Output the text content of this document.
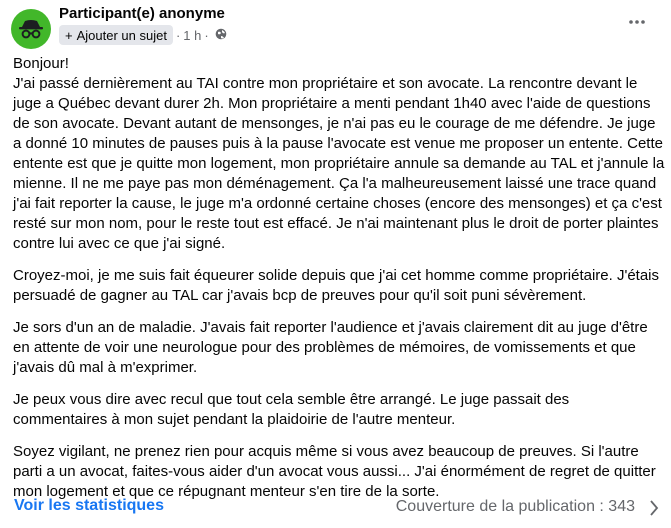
Participant(e) anonyme
+ Ajouter un sujet · 1 h ·

Bonjour!
J'ai passé dernièrement au TAI contre mon propriétaire et son avocate. La rencontre devant le juge a Québec devant durer 2h. Mon propriétaire a menti pendant 1h40 avec l'aide de questions de son avocate. Devant autant de mensonges, je n'ai pas eu le courage de me défendre. Je juge a donné 10 minutes de pauses puis à la pause l'avocate est venue me proposer un entente. Cette entente est que je quitte mon logement, mon propriétaire annule sa demande au TAL et j'annule la mienne. Il ne me paye pas mon déménagement. Ça l'a malheureusement laissé une trace quand j'ai fait reporter la cause, le juge m'a ordonné certaine choses (encore des mensonges) et ça c'est resté sur mon nom, pour le reste tout est effacé. Je n'ai maintenant plus le droit de porter plaintes contre lui avec ce que j'ai signé.

Croyez-moi, je me suis fait équeurer solide depuis que j'ai cet homme comme propriétaire. J'étais persuadé de gagner au TAL car j'avais bcp de preuves pour qu'il soit puni sévèrement.

Je sors d'un an de maladie. J'avais fait reporter l'audience et j'avais clairement dit au juge d'être en attente de voir une neurologue pour des problèmes de mémoires, de vomissements et que j'avais dû mal à m'exprimer.

Je peux vous dire avec recul que tout cela semble être arrangé. Le juge passait des commentaires à mon sujet pendant la plaidoirie de l'autre menteur.

Soyez vigilant, ne prenez rien pour acquis même si vous avez beaucoup de preuves. Si l'autre parti a un avocat, faites-vous aider d'un avocat vous aussi... J'ai énormément de regret de quitter mon logement et que ce répugnant menteur s'en tire de la sorte.

Voir les statistiques	Couverture de la publication : 343
